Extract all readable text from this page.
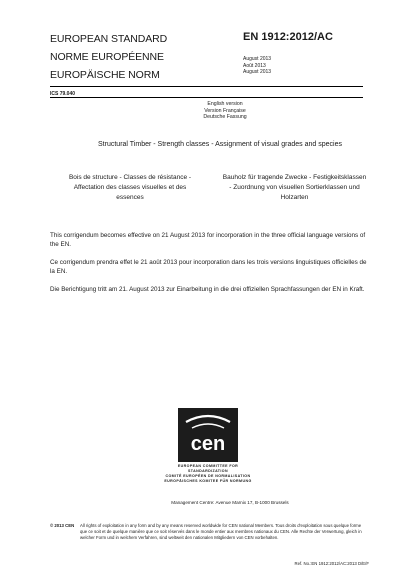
EUROPEAN STANDARD
NORME EUROPÉENNE
EUROPÄISCHE NORM
EN 1912:2012/AC
August 2013
Août 2013
August 2013
ICS 79.040
English version
Version Française
Deutsche Fassung
Structural Timber - Strength classes - Assignment of visual grades and species
Bois de structure - Classes de résistance - Affectation des classes visuelles et des essences
Bauholz für tragende Zwecke - Festigkeitsklassen - Zuordnung von visuellen Sortierklassen und Holzarten
This corrigendum becomes effective on 21 August 2013 for incorporation in the three official language versions of the EN.
Ce corrigendum prendra effet le 21 août 2013 pour incorporation dans les trois versions linguistiques officielles de la EN.
Die Berichtigung tritt am 21. August 2013 zur Einarbeitung in die drei offiziellen Sprachfassungen der EN in Kraft.
cen
EUROPEAN COMMITTEE FOR STANDARDIZATION
COMITÉ EUROPÉEN DE NORMALISATION
EUROPÄISCHES KOMITEE FÜR NORMUNG
Management Centre: Avenue Marnix 17, B-1000 Brussels
© 2013 CEN All rights of exploitation in any form and by any means reserved worldwide for CEN national Members. Tous droits d'exploitation sous quelque forme que ce soit et de quelque manière que ce soit réservés dans le monde entier aux membres nationaux du CEN. Alle Rechte der Verwertung, gleich in welcher Form und in welchem Verfahren, sind weltweit den nationalen Mitgliedern von CEN vorbehalten.
Ref. No.:EN 1912:2012/AC:2013 D/E/F
